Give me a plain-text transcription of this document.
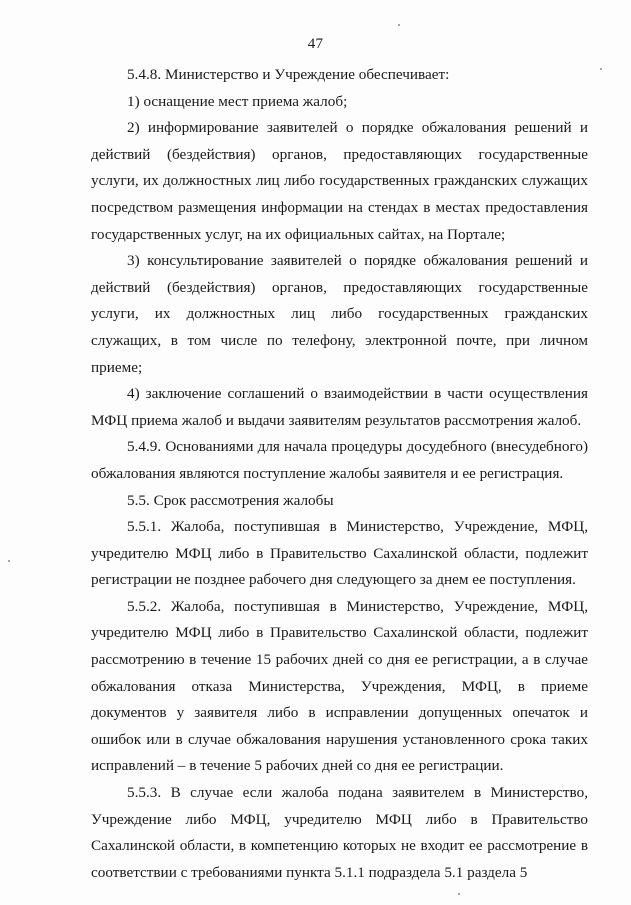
47

5.4.8. Министерство и Учреждение обеспечивает:

1) оснащение мест приема жалоб;

2) информирование заявителей о порядке обжалования решений и действий (бездействия) органов, предоставляющих государственные услуги, их должностных лиц либо государственных гражданских служащих посредством размещения информации на стендах в местах предоставления государственных услуг, на их официальных сайтах, на Портале;

3) консультирование заявителей о порядке обжалования решений и действий (бездействия) органов, предоставляющих государственные услуги, их должностных лиц либо государственных гражданских служащих, в том числе по телефону, электронной почте, при личном приеме;

4) заключение соглашений о взаимодействии в части осуществления МФЦ приема жалоб и выдачи заявителям результатов рассмотрения жалоб.

5.4.9. Основаниями для начала процедуры досудебного (внесудебного) обжалования являются поступление жалобы заявителя и ее регистрация.

5.5. Срок рассмотрения жалобы

5.5.1. Жалоба, поступившая в Министерство, Учреждение, МФЦ, учредителю МФЦ либо в Правительство Сахалинской области, подлежит регистрации не позднее рабочего дня следующего за днем ее поступления.

5.5.2. Жалоба, поступившая в Министерство, Учреждение, МФЦ, учредителю МФЦ либо в Правительство Сахалинской области, подлежит рассмотрению в течение 15 рабочих дней со дня ее регистрации, а в случае обжалования отказа Министерства, Учреждения, МФЦ, в приеме документов у заявителя либо в исправлении допущенных опечаток и ошибок или в случае обжалования нарушения установленного срока таких исправлений – в течение 5 рабочих дней со дня ее регистрации.

5.5.3. В случае если жалоба подана заявителем в Министерство, Учреждение либо МФЦ, учредителю МФЦ либо в Правительство Сахалинской области, в компетенцию которых не входит ее рассмотрение в соответствии с требованиями пункта 5.1.1 подраздела 5.1 раздела 5
